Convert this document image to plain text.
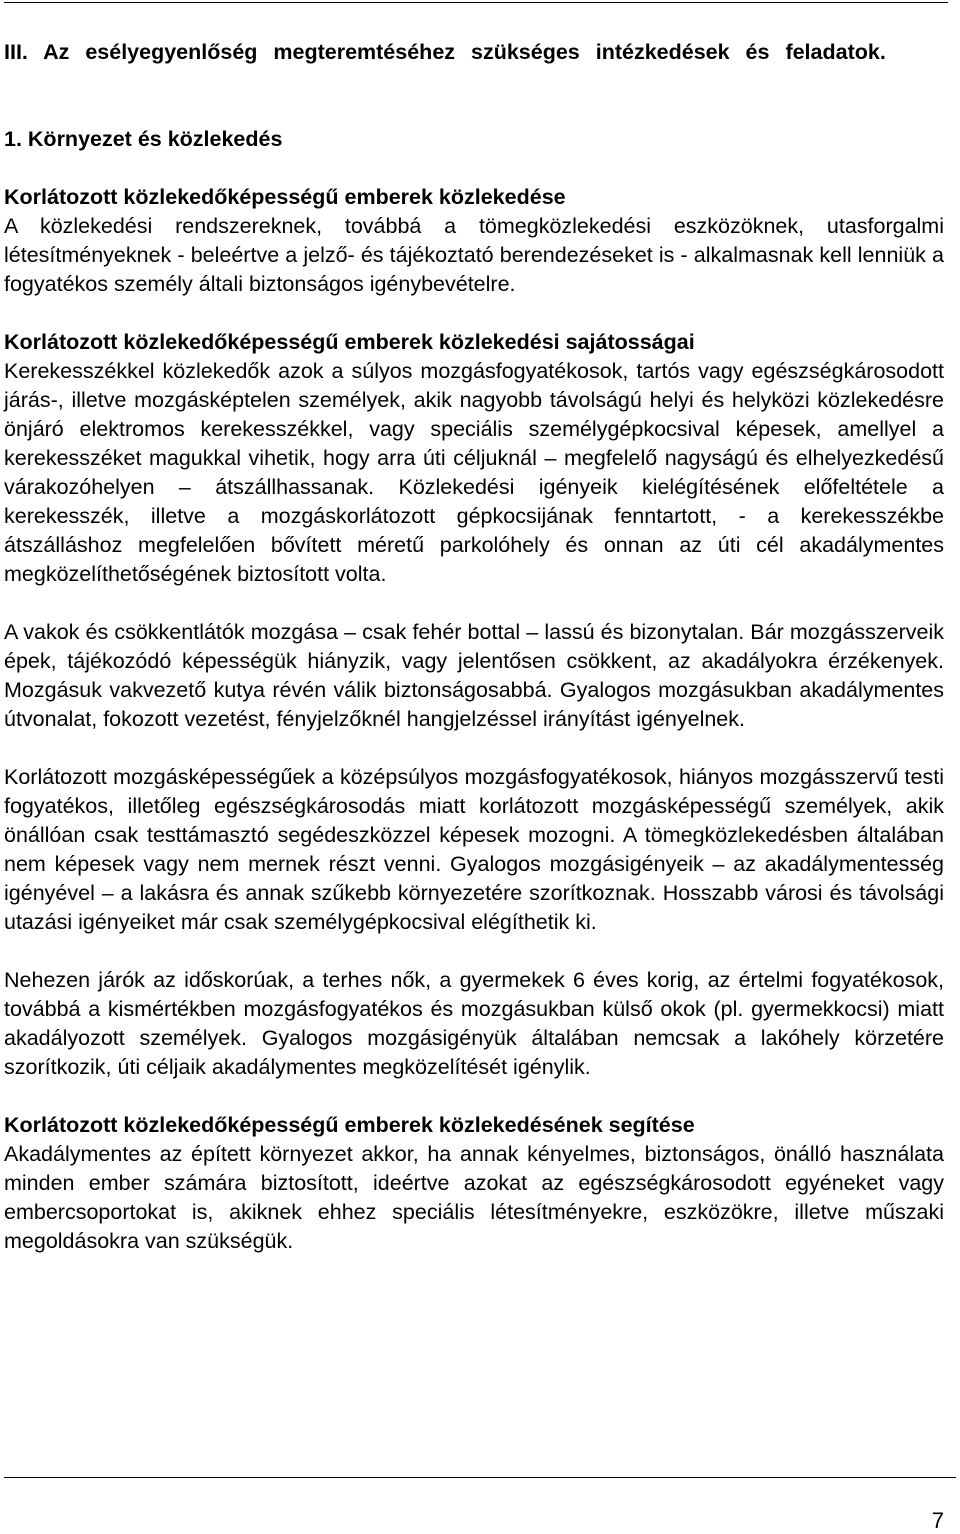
III. Az esélyegyenlőség megteremtéséhez szükséges intézkedések és feladatok.

1. Környezet és közlekedés

Korlátozott közlekedőképességű emberek közlekedése

A közlekedési rendszereknek, továbbá a tömegközlekedési eszközöknek, utasforgalmi létesítményeknek - beleértve a jelző- és tájékoztató berendezéseket is - alkalmasnak kell lenniük a fogyatékos személy általi biztonságos igénybevételre.

Korlátozott közlekedőképességű emberek közlekedési sajátosságai

Kerekesszékkel közlekedők azok a súlyos mozgásfogyatékosok, tartós vagy egészségkárosodott járás-, illetve mozgásképtelen személyek, akik nagyobb távolságú helyi és helyközi közlekedésre önjáró elektromos kerekesszékkel, vagy speciális személygépkocsival képesek, amellyel a kerekesszéket magukkal vihetik, hogy arra úti céljuknál – megfelelő nagyságú és elhelyezkedésű várakozóhelyen – átszállhassanak. Közlekedési igényeik kielégítésének előfeltétele a kerekesszék, illetve a mozgáskorlátozott gépkocsijának fenntartott, - a kerekesszékbe átszálláshoz megfelelően bővített méretű parkolóhely és onnan az úti cél akadálymentes megközelíthetőségének biztosított volta.

A vakok és csökkentlátók mozgása – csak fehér bottal – lassú és bizonytalan. Bár mozgásszerveik épek, tájékozódó képességük hiányzik, vagy jelentősen csökkent, az akadályokra érzékenyek. Mozgásuk vakvezető kutya révén válik biztonságosabbá. Gyalogos mozgásukban akadálymentes útvonalat, fokozott vezetést, fényjelzőknél hangjelzéssel irányítást igényelnek.

Korlátozott mozgásképességűek a középsúlyos mozgásfogyatékosok, hiányos mozgásszervű testi fogyatékos, illetőleg egészségkárosodás miatt korlátozott mozgásképességű személyek, akik önállóan csak testtámasztó segédeszközzel képesek mozogni. A tömegközlekedésben általában nem képesek vagy nem mernek részt venni. Gyalogos mozgásigényeik – az akadálymentesség igényével – a lakásra és annak szűkebb környezetére szorítkoznak. Hosszabb városi és távolsági utazási igényeiket már csak személygépkocsival elégíthetik ki.

Nehezen járók az időskorúak, a terhes nők, a gyermekek 6 éves korig, az értelmi fogyatékosok, továbbá a kismértékben mozgásfogyatékos és mozgásukban külső okok (pl. gyermekkocsi) miatt akadályozott személyek. Gyalogos mozgásigényük általában nemcsak a lakóhely körzetére szorítkozik, úti céljaik akadálymentes megközelítését igénylik.

Korlátozott közlekedőképességű emberek közlekedésének segítése

Akadálymentes az épített környezet akkor, ha annak kényelmes, biztonságos, önálló használata minden ember számára biztosított, ideértve azokat az egészségkárosodott egyéneket vagy embercsoportokat is, akiknek ehhez speciális létesítményekre, eszközökre, illetve műszaki megoldásokra van szükségük.

7
